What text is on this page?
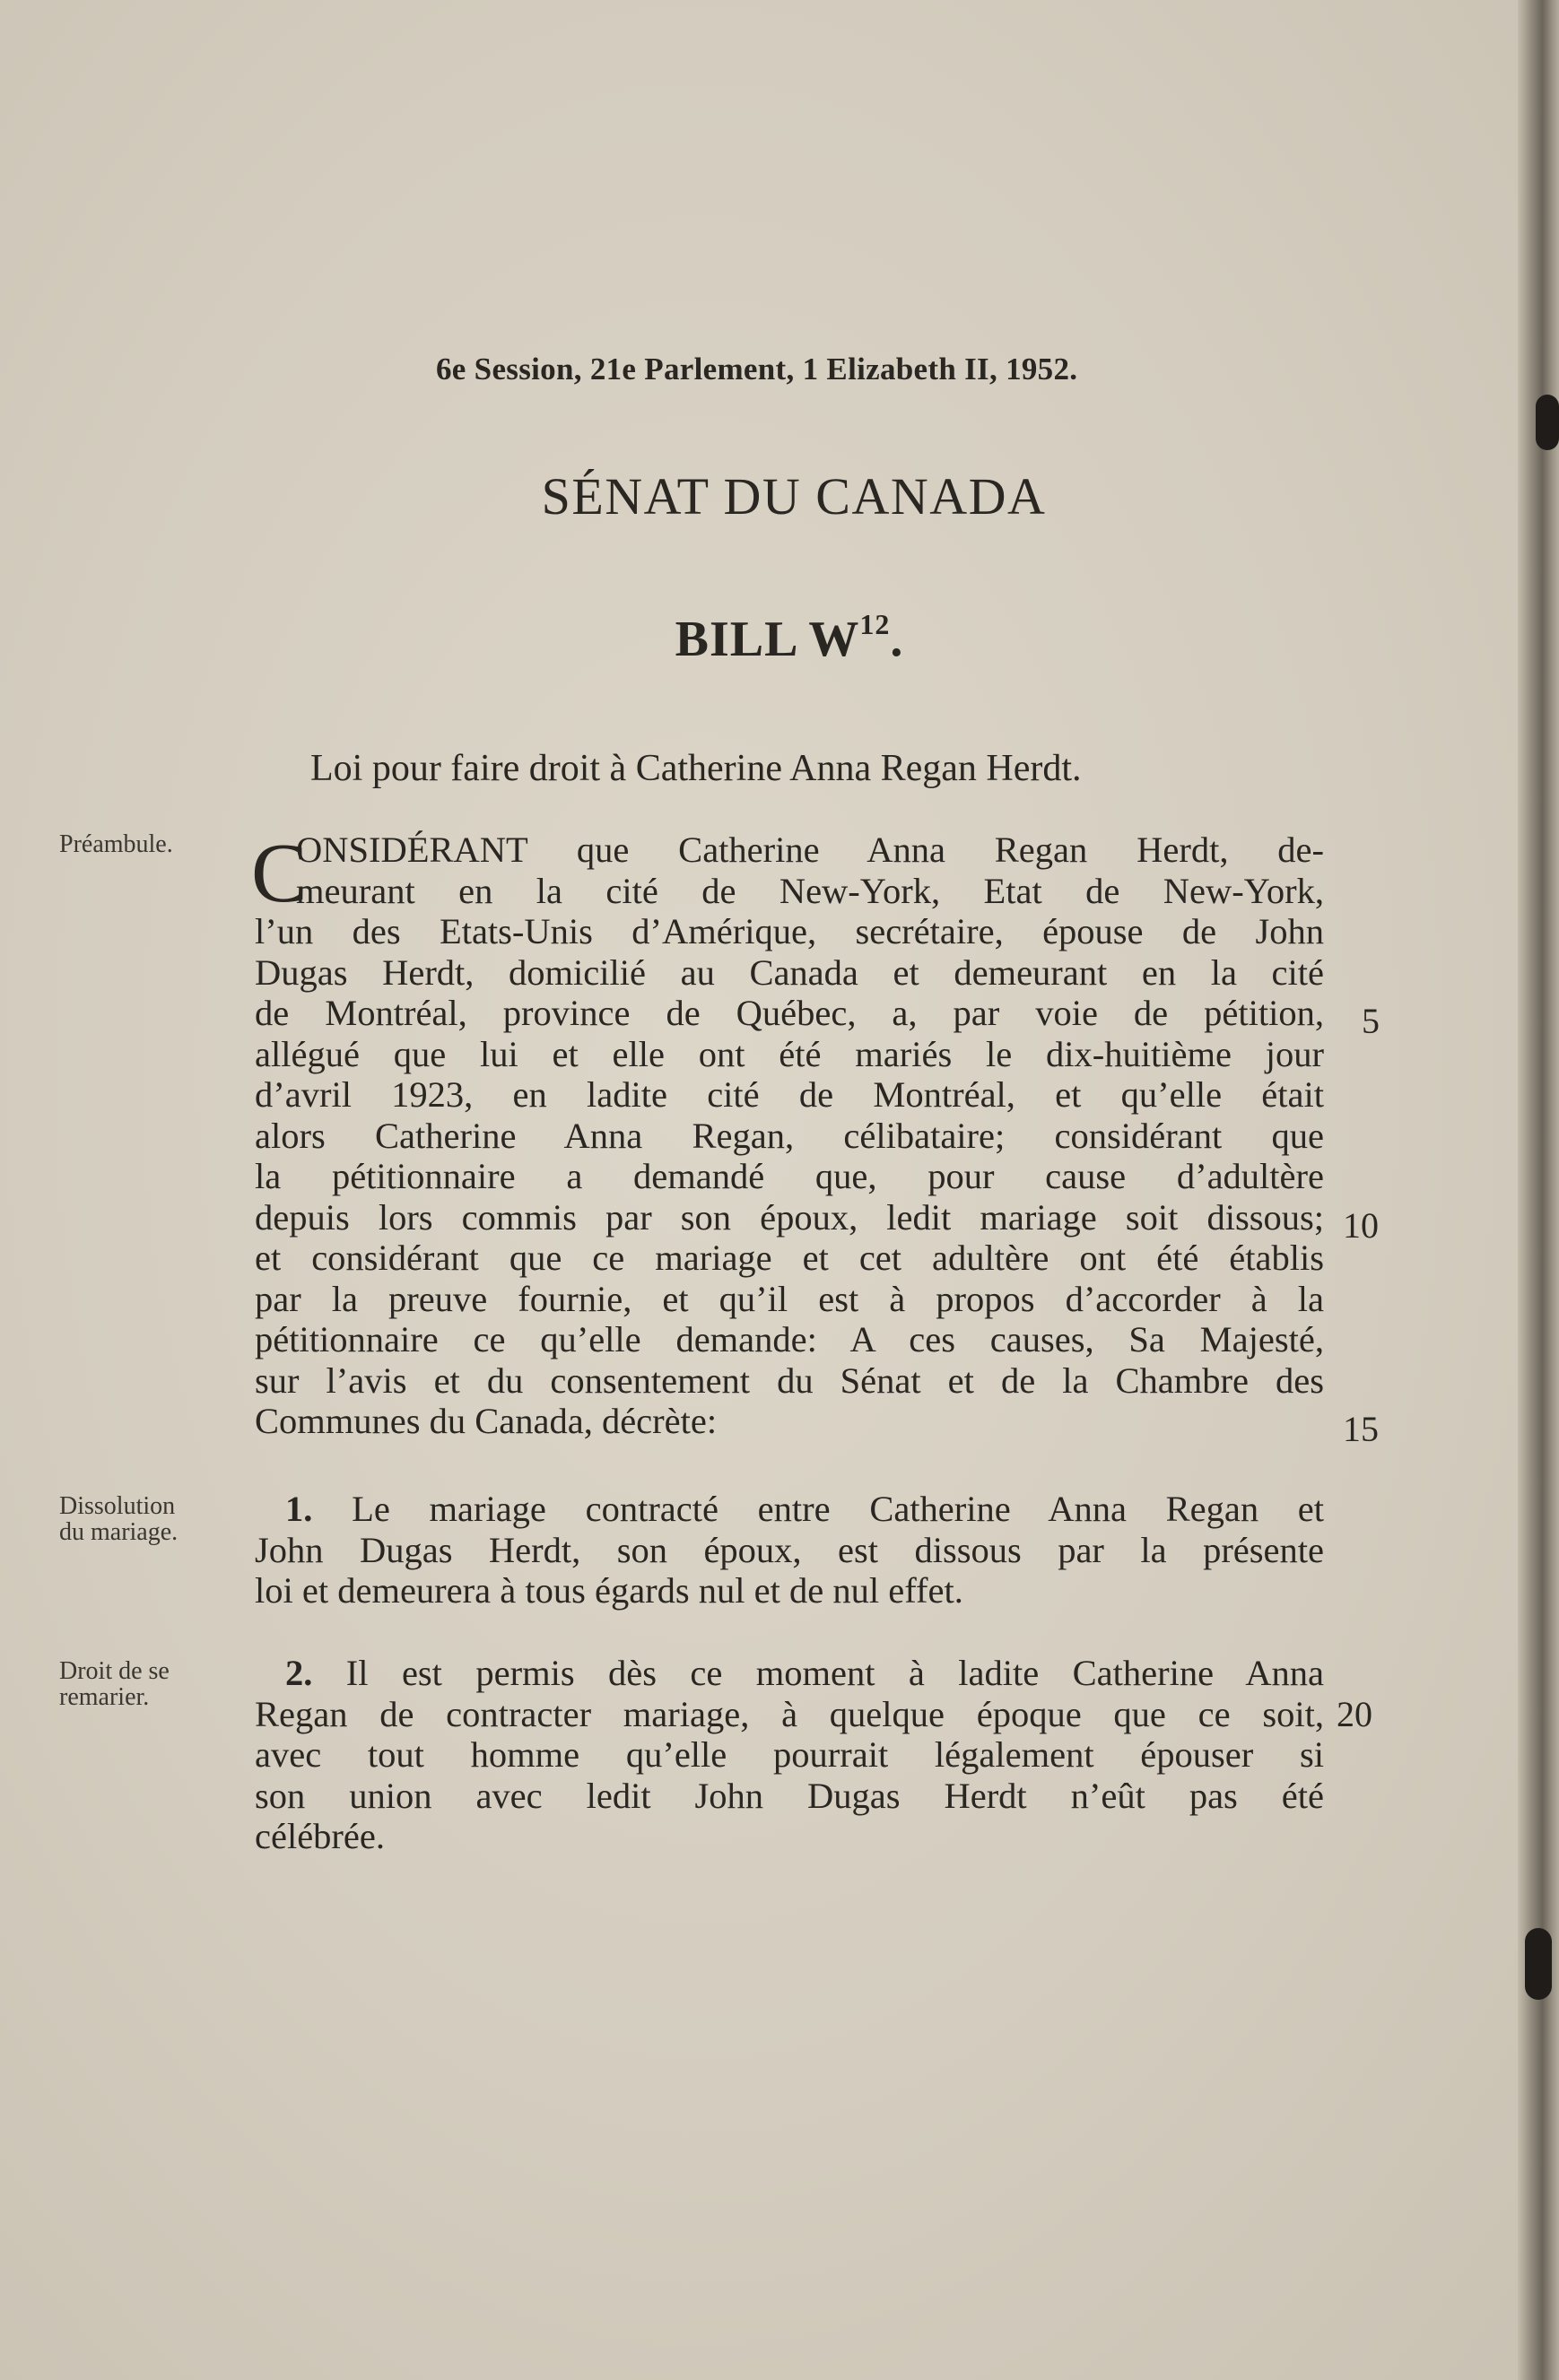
6e Session, 21e Parlement, 1 Elizabeth II, 1952.
SÉNAT DU CANADA
BILL $W^{12}$.
Loi pour faire droit à Catherine Anna Regan Herdt.
Préambule.
Dissolution
du mariage.
Droit de se
remarier.
C
ONSIDÉRANT que Catherine Anna Regan Herdt, de-
meurant en la cité de New-York, Etat de New-York,
l’un des Etats-Unis d’Amérique, secrétaire, épouse de John
Dugas Herdt, domicilié au Canada et demeurant en la cité
de Montréal, province de Québec, a, par voie de pétition,
allégué que lui et elle ont été mariés le dix-huitième jour
d’avril 1923, en ladite cité de Montréal, et qu’elle était
alors Catherine Anna Regan, célibataire; considérant que
la pétitionnaire a demandé que, pour cause d’adultère
depuis lors commis par son époux, ledit mariage soit dissous;
et considérant que ce mariage et cet adultère ont été établis
par la preuve fournie, et qu’il est à propos d’accorder à la
pétitionnaire ce qu’elle demande: A ces causes, Sa Majesté,
sur l’avis et du consentement du Sénat et de la Chambre des
Communes du Canada, décrète:
1. Le mariage contracté entre Catherine Anna Regan et
John Dugas Herdt, son époux, est dissous par la présente
loi et demeurera à tous égards nul et de nul effet.
2. Il est permis dès ce moment à ladite Catherine Anna
Regan de contracter mariage, à quelque époque que ce soit,
avec tout homme qu’elle pourrait légalement épouser si
son union avec ledit John Dugas Herdt n’eût pas été
célébrée.
5
10
15
20
